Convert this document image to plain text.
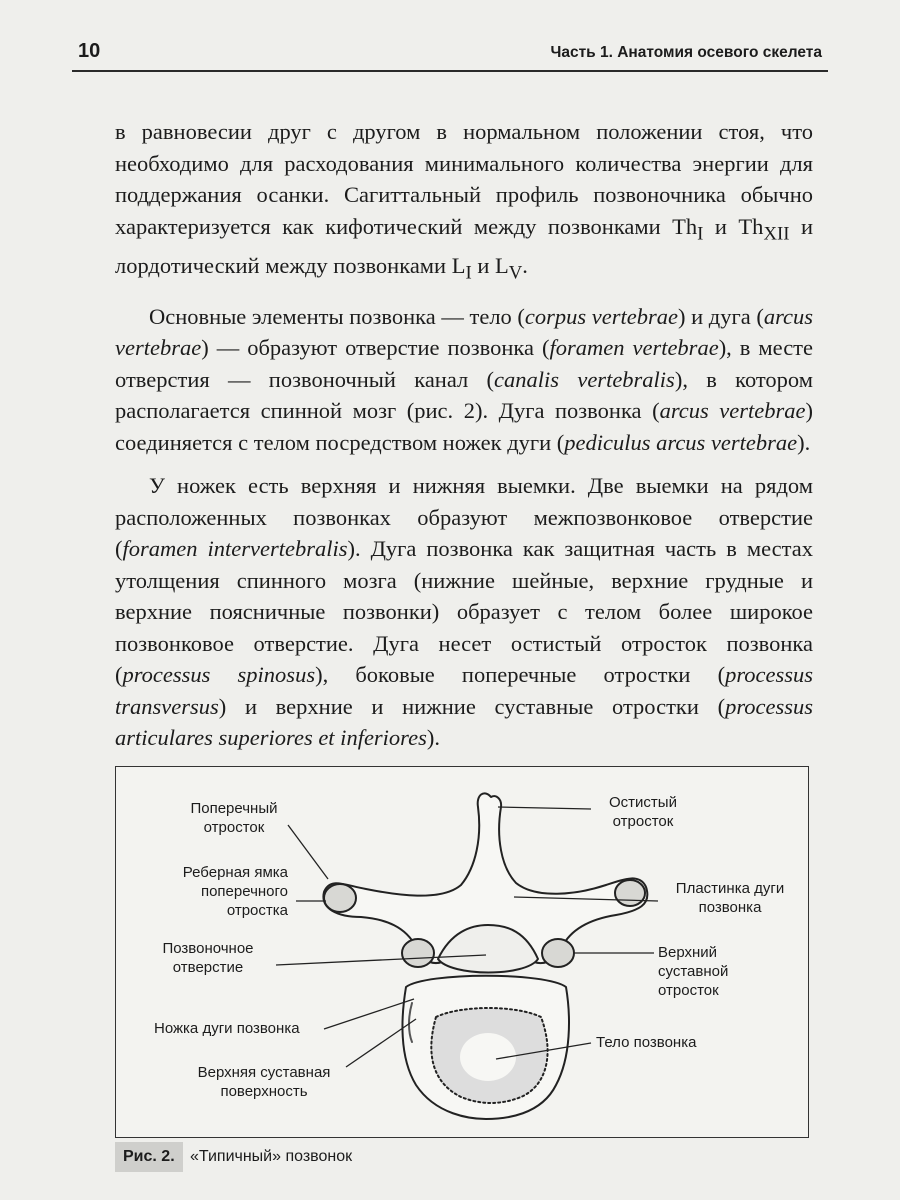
10	Часть 1. Анатомия осевого скелета

в равновесии друг с другом в нормальном положении стоя, что необходимо для расходования минимального количества энергии для поддержания осанки. Сагиттальный профиль позвоночника обычно характеризуется как кифотический между позвонками $Th_I$ и $Th_{XII}$ и лордотический между позвонками $L_I$ и $L_V$.

Основные элементы позвонка — тело (corpus vertebrae) и дуга (arcus vertebrae) — образуют отверстие позвонка (foramen vertebrae), в месте отверстия — позвоночный канал (canalis vertebralis), в котором располагается спинной мозг (рис. 2). Дуга позвонка (arcus vertebrae) соединяется с телом посредством ножек дуги (pediculus arcus vertebrae).

У ножек есть верхняя и нижняя выемки. Две выемки на рядом расположенных позвонках образуют межпозвонковое отверстие (foramen intervertebralis). Дуга позвонка как защитная часть в местах утолщения спинного мозга (нижние шейные, верхние грудные и верхние поясничные позвонки) образует с телом более широкое позвонковое отверстие. Дуга несет остистый отросток позвонка (processus spinosus), боковые поперечные отростки (processus transversus) и верхние и нижние суставные отростки (processus articulares superiores et inferiores).

Поперечный отросток
Реберная ямка поперечного отростка
Позвоночное отверстие
Ножка дуги позвонка
Верхняя суставная поверхность
Остистый отросток
Пластинка дуги позвонка
Верхний суставной отросток
Тело позвонка
Рис. 2. «Типичный» позвонок
